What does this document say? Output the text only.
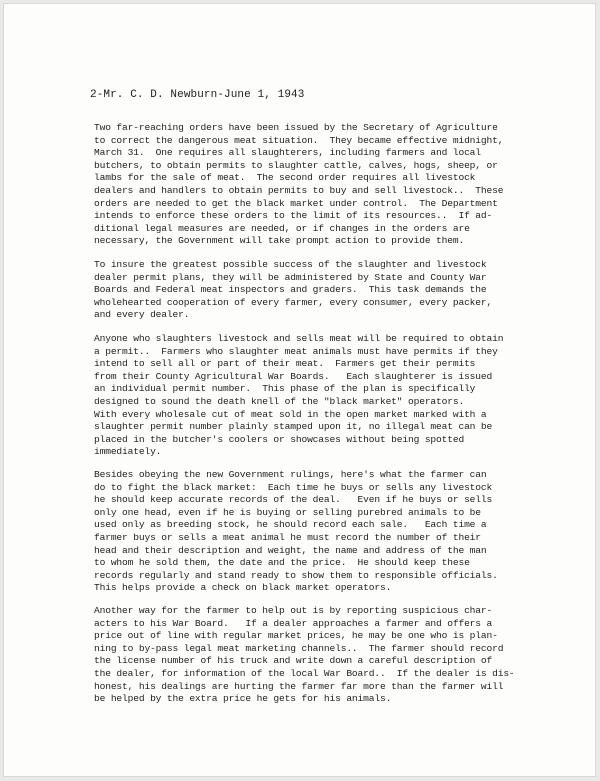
2-Mr. C. D. Newburn-June 1, 1943
Two far-reaching orders have been issued by the Secretary of Agriculture
to correct the dangerous meat situation.  They became effective midnight,
March 31.  One requires all slaughterers, including farmers and local
butchers, to obtain permits to slaughter cattle, calves, hogs, sheep, or
lambs for the sale of meat.  The second order requires all livestock
dealers and handlers to obtain permits to buy and sell livestock..  These
orders are needed to get the black market under control.  The Department
intends to enforce these orders to the limit of its resources..  If ad-
ditional legal measures are needed, or if changes in the orders are
necessary, the Government will take prompt action to provide them.
To insure the greatest possible success of the slaughter and livestock
dealer permit plans, they will be administered by State and County War
Boards and Federal meat inspectors and graders.  This task demands the
wholehearted cooperation of every farmer, every consumer, every packer,
and every dealer.
Anyone who slaughters livestock and sells meat will be required to obtain
a permit..  Farmers who slaughter meat animals must have permits if they
intend to sell all or part of their meat.  Farmers get their permits
from their County Agricultural War Boards.   Each slaughterer is issued
an individual permit number.  This phase of the plan is specifically
designed to sound the death knell of the "black market" operators.
With every wholesale cut of meat sold in the open market marked with a
slaughter permit number plainly stamped upon it, no illegal meat can be
placed in the butcher's coolers or showcases without being spotted
immediately.
Besides obeying the new Government rulings, here's what the farmer can
do to fight the black market:  Each time he buys or sells any livestock
he should keep accurate records of the deal.   Even if he buys or sells
only one head, even if he is buying or selling purebred animals to be
used only as breeding stock, he should record each sale.   Each time a
farmer buys or sells a meat animal he must record the number of their
head and their description and weight, the name and address of the man
to whom he sold them, the date and the price.  He should keep these
records regularly and stand ready to show them to responsible officials.
This helps provide a check on black market operators.
Another way for the farmer to help out is by reporting suspicious char-
acters to his War Board.   If a dealer approaches a farmer and offers a
price out of line with regular market prices, he may be one who is plan-
ning to by-pass legal meat marketing channels..  The farmer should record
the license number of his truck and write down a careful description of
the dealer, for information of the local War Board..  If the dealer is dis-
honest, his dealings are hurting the farmer far more than the farmer will
be helped by the extra price he gets for his animals.
